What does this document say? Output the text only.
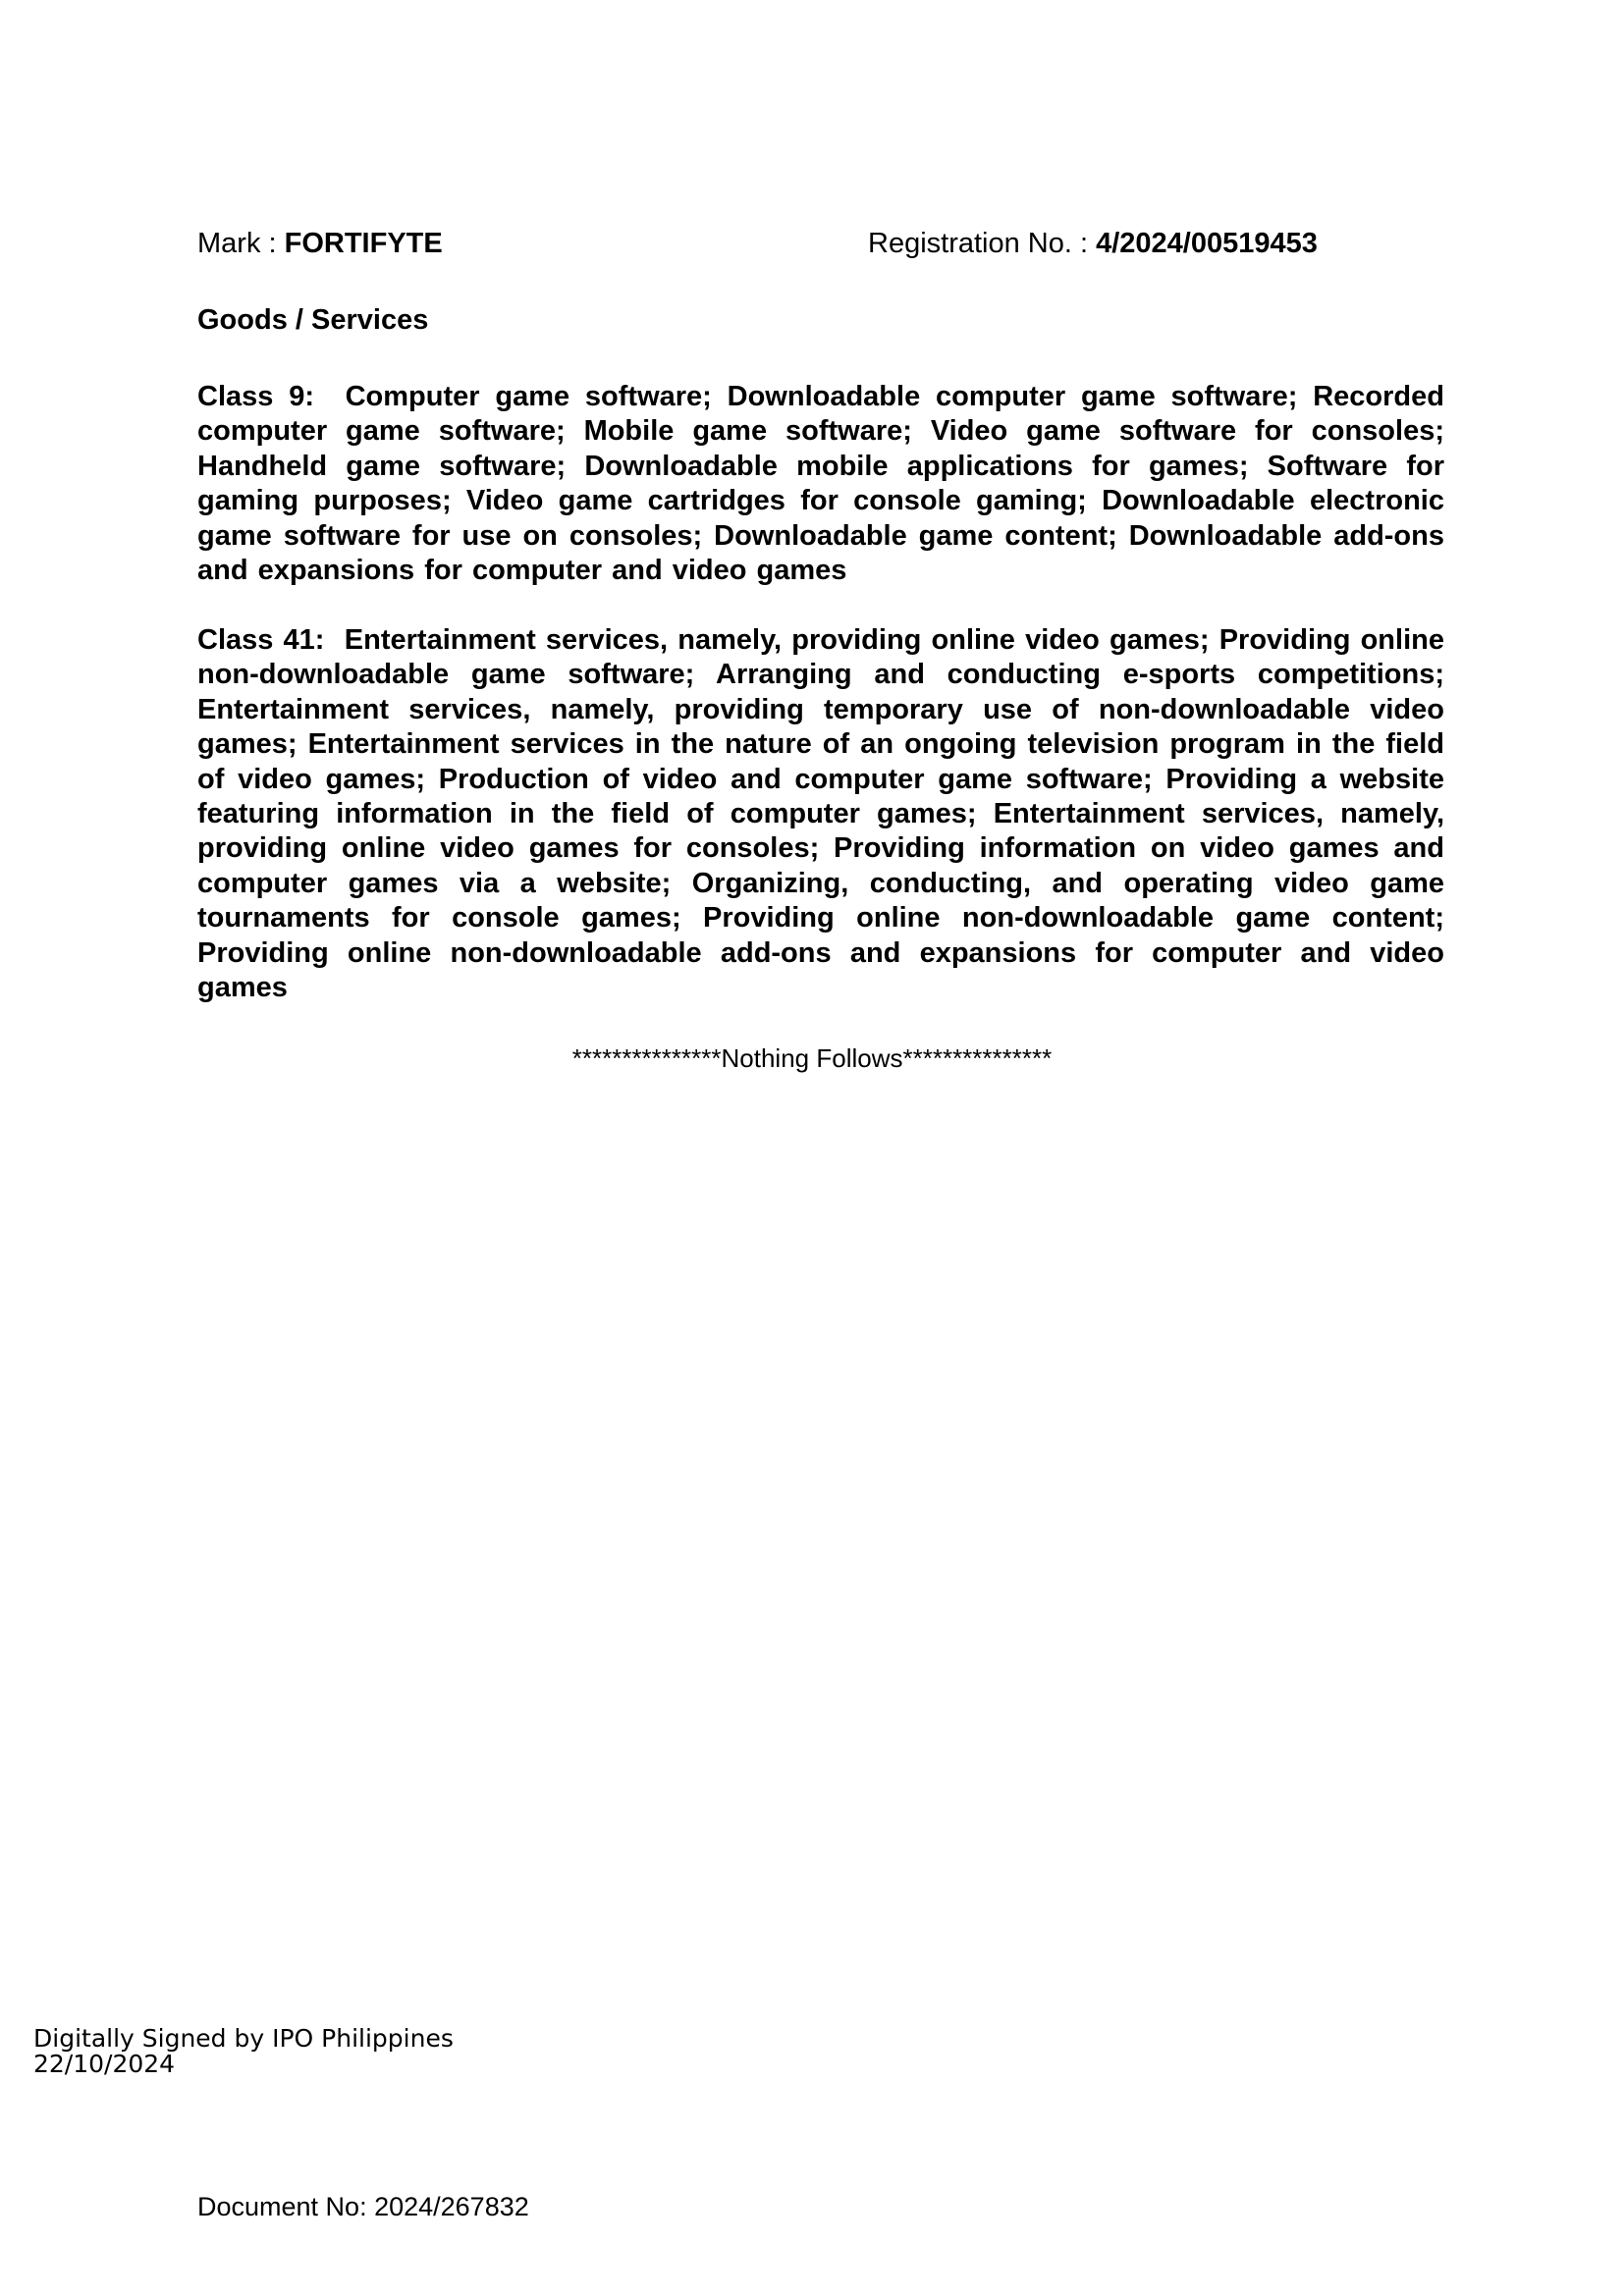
Mark : FORTIFYTE	Registration No. : 4/2024/00519453
Goods / Services
Class 9: Computer game software; Downloadable computer game software; Recorded computer game software; Mobile game software; Video game software for consoles; Handheld game software; Downloadable mobile applications for games; Software for gaming purposes; Video game cartridges for console gaming; Downloadable electronic game software for use on consoles; Downloadable game content; Downloadable add-ons and expansions for computer and video games
Class 41: Entertainment services, namely, providing online video games; Providing online non-downloadable game software; Arranging and conducting e-sports competitions; Entertainment services, namely, providing temporary use of non-downloadable video games; Entertainment services in the nature of an ongoing television program in the field of video games; Production of video and computer game software; Providing a website featuring information in the field of computer games; Entertainment services, namely, providing online video games for consoles; Providing information on video games and computer games via a website; Organizing, conducting, and operating video game tournaments for console games; Providing online non-downloadable game content; Providing online non-downloadable add-ons and expansions for computer and video games
***************Nothing Follows***************
Digitally Signed by IPO Philippines
22/10/2024
Document No: 2024/267832
